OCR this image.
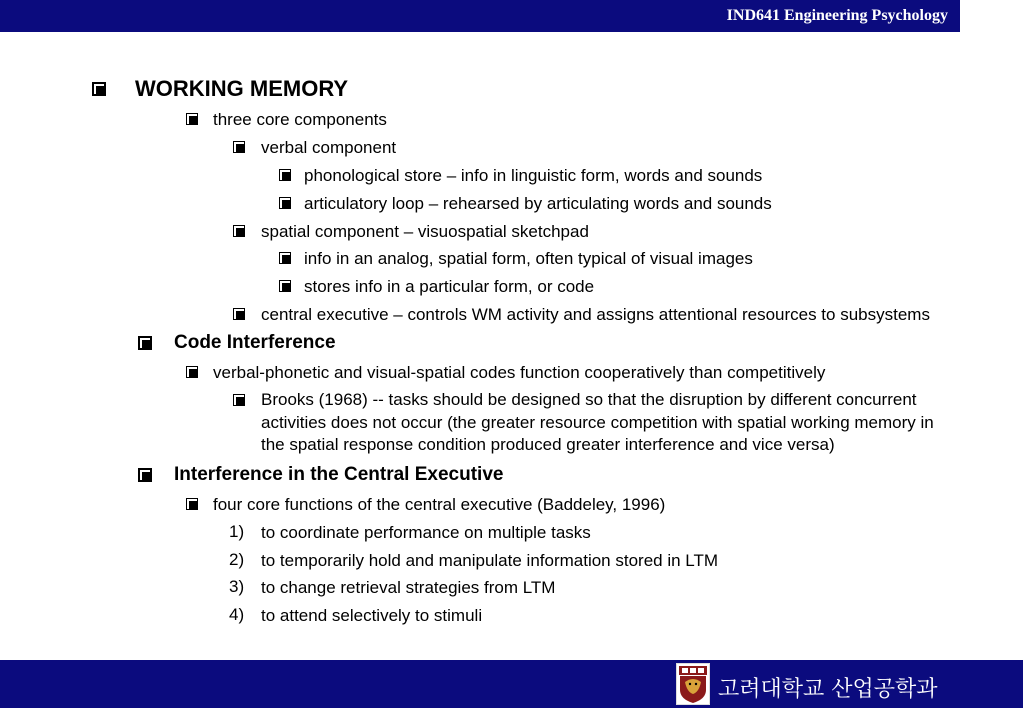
IND641 Engineering Psychology
WORKING MEMORY
three core components
verbal component
phonological store – info in linguistic form, words and sounds
articulatory loop – rehearsed by articulating words and sounds
spatial component – visuospatial sketchpad
info in an analog, spatial form, often typical of visual images
stores info in a particular form, or code
central executive – controls WM activity and assigns attentional resources to subsystems
Code Interference
verbal-phonetic and visual-spatial codes function cooperatively than competitively
Brooks (1968) -- tasks should be designed so that the disruption by different concurrent activities does not occur (the greater resource competition with spatial working memory in the spatial response condition produced greater interference and vice versa)
Interference in the Central Executive
four core functions of the central executive (Baddeley, 1996)
1) to coordinate performance on multiple tasks
2) to temporarily hold and manipulate information stored in LTM
3) to change retrieval strategies from LTM
4) to attend selectively to stimuli
고려대학교 산업공학과
